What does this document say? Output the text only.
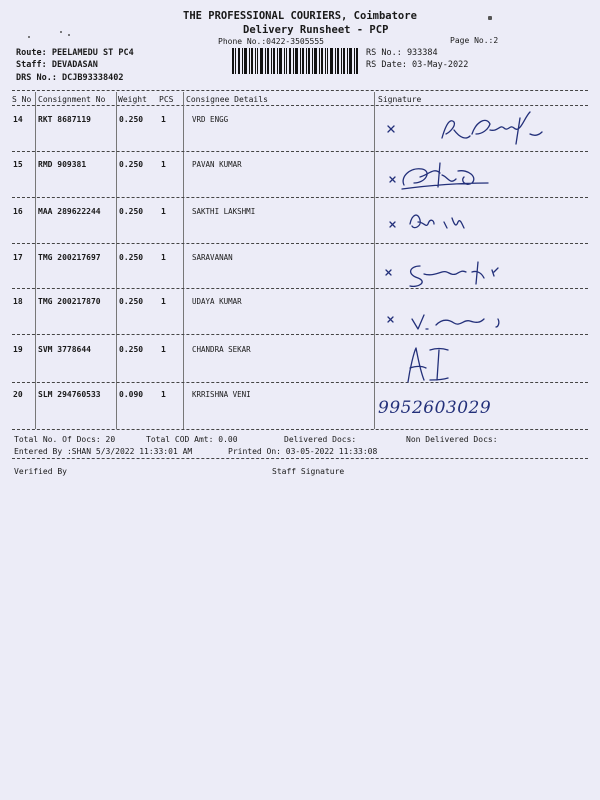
THE PROFESSIONAL COURIERS, Coimbatore
Delivery Runsheet - PCP
Phone No.:0422-3505555	Page No.:2
Route: PEELAMEDU ST PC4
Staff: DEVADASAN
DRS No.: DCJB93338402
RS No.: 933384
RS Date: 03-May-2022
S No Consignment No Weight PCS Consignee Details	Signature
14 RKT 8687119	0.250 1	VRD ENGG
15 RMD 909381	0.250 1	PAVAN KUMAR
16 MAA 289622244 0.250 1	SAKTHI LAKSHMI
17 TMG 200217697 0.250 1	SARAVANAN
18 TMG 200217870 0.250 1	UDAYA KUMAR
19 SVM 3778644	0.250 1	CHANDRA SEKAR
20 SLM 294760533 0.090 1	KRRISHNA VENI
9952603029
Total No. Of Docs: 20	Total COD Amt: 0.00	Delivered Docs:	Non Delivered Docs:
Entered By :SHAN 5/3/2022 11:33:01 AM	Printed On: 03-05-2022 11:33:08
Verified By	Staff Signature
